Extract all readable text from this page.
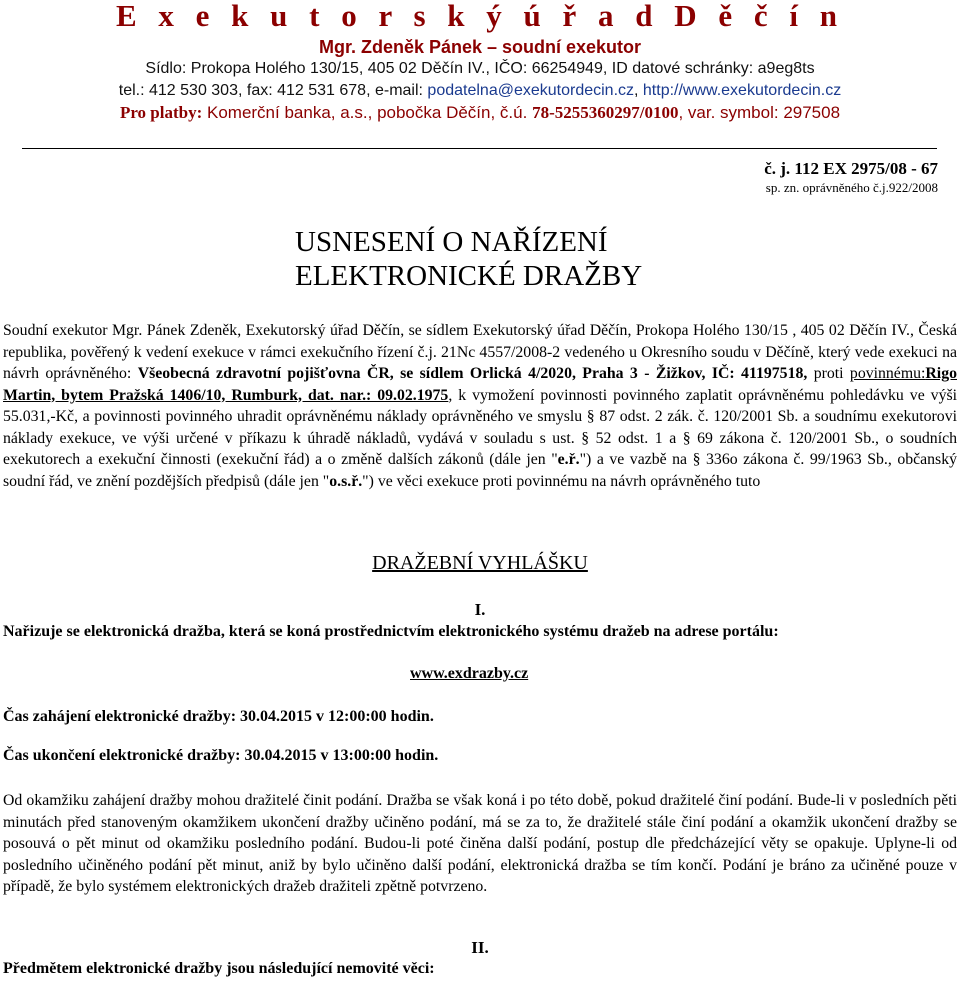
E x e k u t o r s k ý ú ř a d D ě č í n
Mgr. Zdeněk Pánek – soudní exekutor
Sídlo: Prokopa Holého 130/15, 405 02 Děčín IV., IČO: 66254949, ID datové schránky: a9eg8ts
tel.: 412 530 303, fax: 412 531 678, e-mail: podatelna@exekutordecin.cz, http://www.exekutordecin.cz
Pro platby: Komerční banka, a.s., pobočka Děčín, č.ú. 78-5255360297/0100, var. symbol: 297508
č. j. 112 EX 2975/08 - 67
sp. zn. oprávněného č.j.922/2008
USNESENÍ O NAŘÍZENÍ
ELEKTRONICKÉ DRAŽBY
Soudní exekutor Mgr. Pánek Zdeněk, Exekutorský úřad Děčín, se sídlem Exekutorský úřad Děčín, Prokopa Holého 130/15 , 405 02 Děčín IV., Česká republika, pověřený k vedení exekuce v rámci exekučního řízení č.j. 21Nc 4557/2008-2 vedeného u Okresního soudu v Děčíně, který vede exekuci na návrh oprávněného: Všeobecná zdravotní pojišťovna ČR, se sídlem Orlická 4/2020, Praha 3 - Žižkov, IČ: 41197518, proti povinnému:Rigo Martin, bytem Pražská 1406/10, Rumburk, dat. nar.: 09.02.1975, k vymožení povinnosti povinného zaplatit oprávněnému pohledávku ve výši 55.031,-Kč, a povinnosti povinného uhradit oprávněnému náklady oprávněného ve smyslu § 87 odst. 2 zák. č. 120/2001 Sb. a soudnímu exekutorovi náklady exekuce, ve výši určené v příkazu k úhradě nákladů, vydává v souladu s ust. § 52 odst. 1 a § 69 zákona č. 120/2001 Sb., o soudních exekutorech a exekuční činnosti (exekuční řád) a o změně dalších zákonů (dále jen "e.ř.") a ve vazbě na § 336o zákona č. 99/1963 Sb., občanský soudní řád, ve znění pozdějších předpisů (dále jen "o.s.ř.") ve věci exekuce proti povinnému na návrh oprávněného tuto
DRAŽEBNÍ VYHLÁŠKU
I.
Nařizuje se elektronická dražba, která se koná prostřednictvím elektronického systému dražeb na adrese portálu:
www.exdrazby.cz
Čas zahájení elektronické dražby: 30.04.2015 v 12:00:00 hodin.
Čas ukončení elektronické dražby: 30.04.2015 v 13:00:00 hodin.
Od okamžiku zahájení dražby mohou dražitelé činit podání. Dražba se však koná i po této době, pokud dražitelé činí podání. Bude-li v posledních pěti minutách před stanoveným okamžikem ukončení dražby učiněno podání, má se za to, že dražitelé stále činí podání a okamžik ukončení dražby se posouvá o pět minut od okamžiku posledního podání. Budou-li poté činěna další podání, postup dle předcházející věty se opakuje. Uplyne-li od posledního učiněného podání pět minut, aniž by bylo učiněno další podání, elektronická dražba se tím končí. Podání je bráno za učiněné pouze v případě, že bylo systémem elektronických dražeb dražiteli zpětně potvrzeno.
II.
Předmětem elektronické dražby jsou následující nemovité věci:
